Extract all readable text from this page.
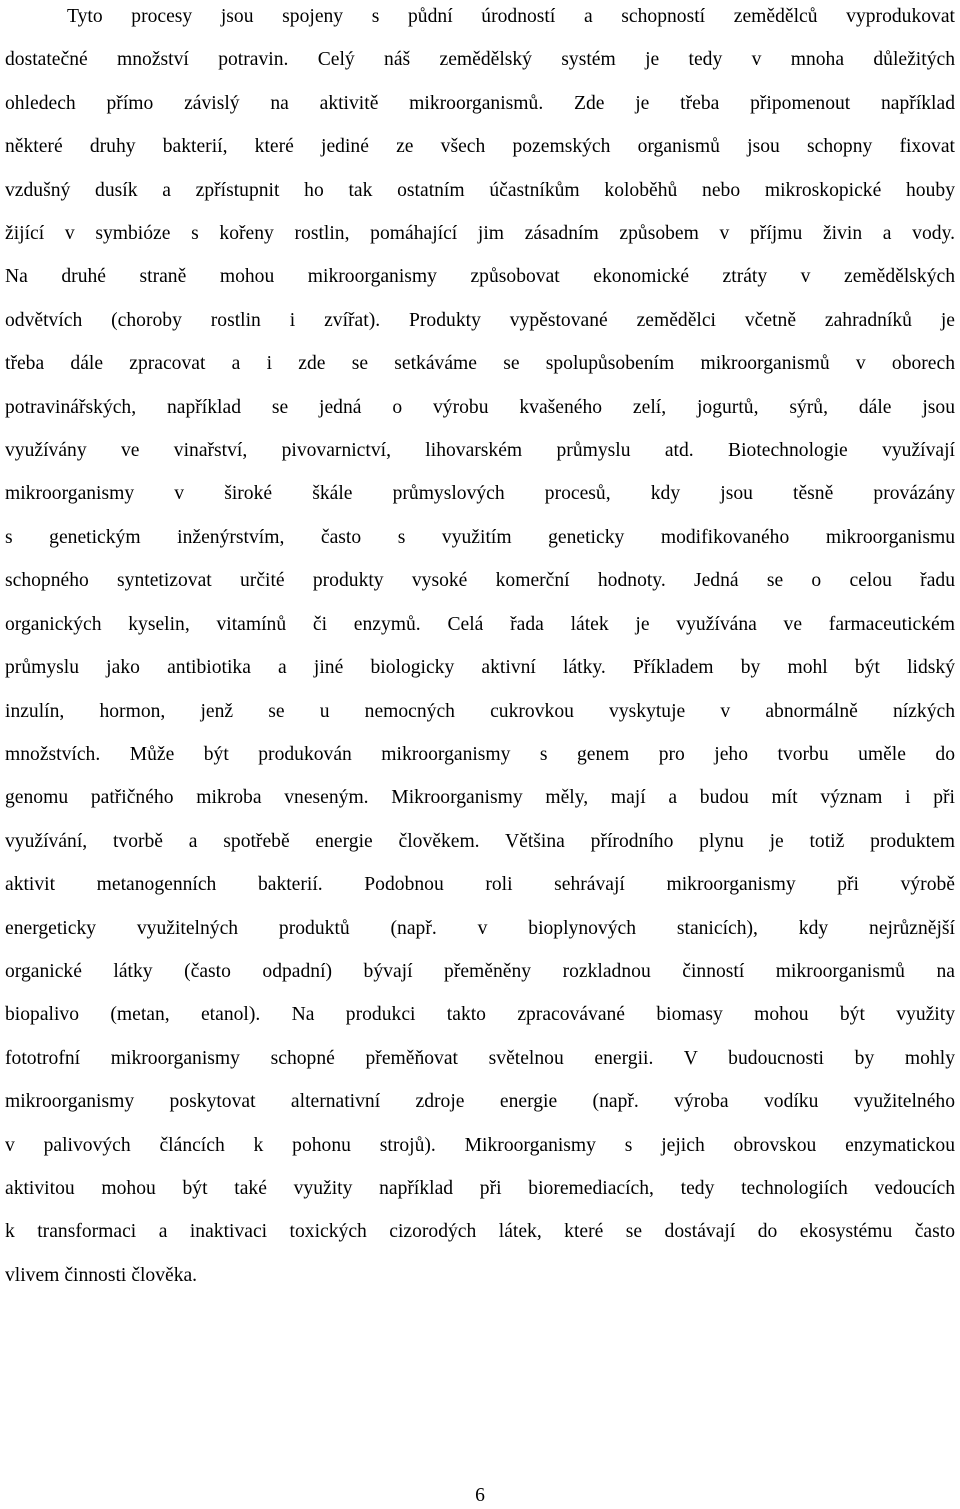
Tyto procesy jsou spojeny s půdní úrodností a schopností zemědělců vyprodukovat
dostatečné množství potravin. Celý náš zemědělský systém je tedy v mnoha důležitých
ohledech přímo závislý na aktivitě mikroorganismů. Zde je třeba připomenout například
některé druhy bakterií, které jediné ze všech pozemských organismů jsou schopny fixovat
vzdušný dusík a zpřístupnit ho tak ostatním účastníkům koloběhů nebo mikroskopické houby
žijící v symbióze s kořeny rostlin, pomáhající jim zásadním způsobem v příjmu živin a vody.
Na druhé straně mohou mikroorganismy způsobovat ekonomické ztráty v zemědělských
odvětvích (choroby rostlin i zvířat). Produkty vypěstované zemědělci včetně zahradníků je
třeba dále zpracovat a i zde se setkáváme se spolupůsobením mikroorganismů v oborech
potravinářských, například se jedná o výrobu kvašeného zelí, jogurtů, sýrů, dále jsou
využívány ve vinařství, pivovarnictví, lihovarském průmyslu atd. Biotechnologie využívají
mikroorganismy v široké škále průmyslových procesů, kdy jsou těsně provázány
s genetickým inženýrstvím, často s využitím geneticky modifikovaného mikroorganismu
schopného syntetizovat určité produkty vysoké komerční hodnoty. Jedná se o celou řadu
organických kyselin, vitamínů či enzymů. Celá řada látek je využívána ve farmaceutickém
průmyslu jako antibiotika a jiné biologicky aktivní látky. Příkladem by mohl být lidský
inzulín, hormon, jenž se u nemocných cukrovkou vyskytuje v abnormálně nízkých
množstvích. Může být produkován mikroorganismy s genem pro jeho tvorbu uměle do
genomu patřičného mikroba vneseným. Mikroorganismy měly, mají a budou mít význam i při
využívání, tvorbě a spotřebě energie člověkem. Většina přírodního plynu je totiž produktem
aktivit metanogenních bakterií. Podobnou roli sehrávají mikroorganismy při výrobě
energeticky využitelných produktů (např. v bioplynových stanicích), kdy nejrůznější
organické látky (často odpadní) bývají přeměněny rozkladnou činností mikroorganismů na
biopalivo (metan, etanol). Na produkci takto zpracovávané biomasy mohou být využity
fototrofní mikroorganismy schopné přeměňovat světelnou energii. V budoucnosti by mohly
mikroorganismy poskytovat alternativní zdroje energie (např. výroba vodíku využitelného
v palivových článcích k pohonu strojů). Mikroorganismy s jejich obrovskou enzymatickou
aktivitou mohou být také využity například při bioremediacích, tedy technologiích vedoucích
k transformaci a inaktivaci toxických cizorodých látek, které se dostávají do ekosystému často
vlivem činnosti člověka.

6
